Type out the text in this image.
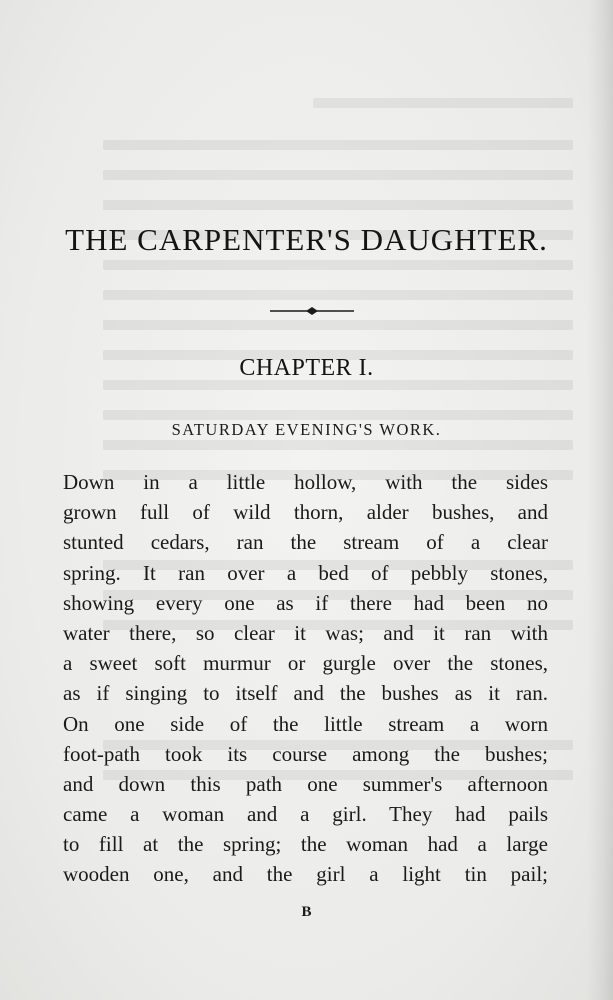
THE CARPENTER'S DAUGHTER.
CHAPTER I.
SATURDAY EVENING'S WORK.
Down in a little hollow, with the sides
grown full of wild thorn, alder bushes, and
stunted cedars, ran the stream of a clear
spring. It ran over a bed of pebbly stones,
showing every one as if there had been no
water there, so clear it was; and it ran with
a sweet soft murmur or gurgle over the stones,
as if singing to itself and the bushes as it ran.
On one side of the little stream a worn
foot-path took its course among the bushes;
and down this path one summer's afternoon
came a woman and a girl. They had pails
to fill at the spring; the woman had a large
wooden one, and the girl a light tin pail;
B
